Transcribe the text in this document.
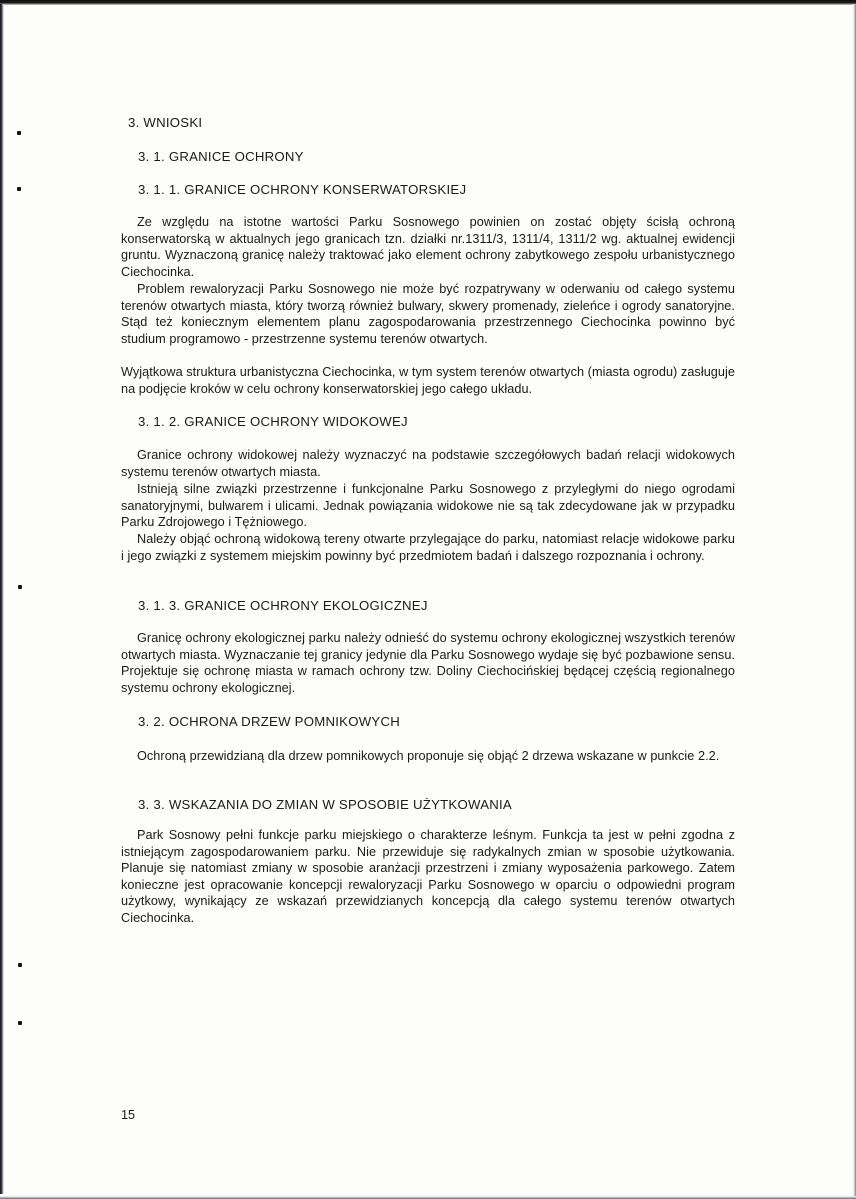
3. WNIOSKI
3. 1. GRANICE OCHRONY
3. 1. 1. GRANICE OCHRONY KONSERWATORSKIEJ
Ze względu na istotne wartości Parku Sosnowego powinien on zostać objęty ścisłą ochroną konserwatorską w aktualnych jego granicach tzn. działki nr.1311/3, 1311/4, 1311/2 wg. aktualnej ewidencji gruntu. Wyznaczoną granicę należy traktować jako element ochrony zabytkowego zespołu urbanistycznego Ciechocinka.
Problem rewaloryzacji Parku Sosnowego nie może być rozpatrywany w oderwaniu od całego systemu terenów otwartych miasta, który tworzą również bulwary, skwery promenady, zieleńce i ogrody sanatoryjne. Stąd też koniecznym elementem planu zagospodarowania przestrzennego Ciechocinka powinno być studium programowo - przestrzenne systemu terenów otwartych.
Wyjątkowa struktura urbanistyczna Ciechocinka, w tym system terenów otwartych (miasta ogrodu) zasługuje na podjęcie kroków w celu ochrony konserwatorskiej jego całego układu.
3. 1. 2. GRANICE OCHRONY WIDOKOWEJ
Granice ochrony widokowej należy wyznaczyć na podstawie szczegółowych badań relacji widokowych systemu terenów otwartych miasta.
Istnieją silne związki przestrzenne i funkcjonalne Parku Sosnowego z przyległymi do niego ogrodami sanatoryjnymi, bulwarem i ulicami. Jednak powiązania widokowe nie są tak zdecydowane jak w przypadku Parku Zdrojowego i Tężniowego.
Należy objąć ochroną widokową tereny otwarte przylegające do parku, natomiast relacje widokowe parku i jego związki z systemem miejskim powinny być przedmiotem badań i dalszego rozpoznania i ochrony.
3. 1. 3. GRANICE OCHRONY EKOLOGICZNEJ
Granicę ochrony ekologicznej parku należy odnieść do systemu ochrony ekologicznej wszystkich terenów otwartych miasta. Wyznaczanie tej granicy jedynie dla Parku Sosnowego wydaje się być pozbawione sensu. Projektuje się ochronę miasta w ramach ochrony tzw. Doliny Ciechocińskiej będącej częścią regionalnego systemu ochrony ekologicznej.
3. 2. OCHRONA DRZEW POMNIKOWYCH
Ochroną przewidzianą dla drzew pomnikowych proponuje się objąć 2 drzewa wskazane w punkcie 2.2.
3. 3. WSKAZANIA DO ZMIAN W SPOSOBIE UŻYTKOWANIA
Park Sosnowy pełni funkcje parku miejskiego o charakterze leśnym. Funkcja ta jest w pełni zgodna z istniejącym zagospodarowaniem parku. Nie przewiduje się radykalnych zmian w sposobie użytkowania. Planuje się natomiast zmiany w sposobie aranżacji przestrzeni i zmiany wyposażenia parkowego. Zatem konieczne jest opracowanie koncepcji rewaloryzacji Parku Sosnowego w oparciu o odpowiedni program użytkowy, wynikający ze wskazań przewidzianych koncepcją dla całego systemu terenów otwartych Ciechocinka.
15
